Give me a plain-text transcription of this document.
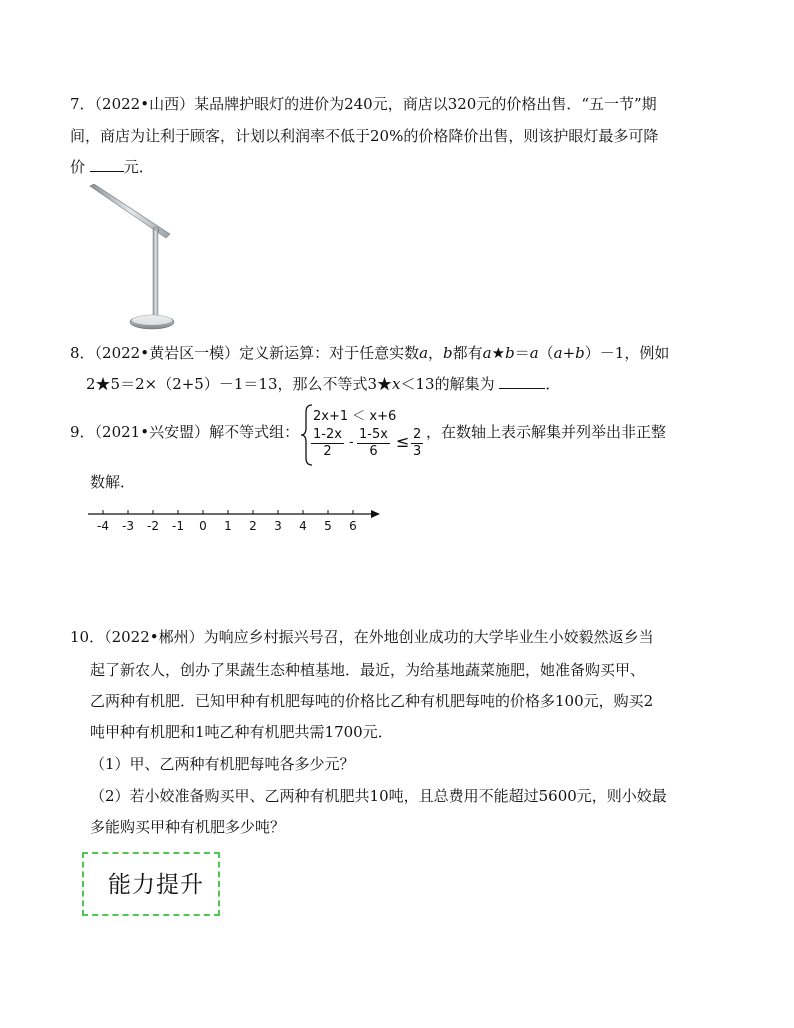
7．（2022•山西）某品牌护眼灯的进价为240元，商店以320元的价格出售．“五一节”期
间，商店为让利于顾客，计划以利润率不低于20%的价格降价出售，则该护眼灯最多可降
价 元．
8．（2022•黄岩区一模）定义新运算：对于任意实数a，b都有a★b＝a（a+b）－1，例如
2★5＝2×（2+5）－1＝13，那么不等式3★x＜13的解集为	．
9．（2021•兴安盟）解不等式组：
2x+1 ＜ x+6
$\frac{1-2x}{2} - \frac{1-5x}{6} \le \frac{2}{3}$ ，在数轴上表示解集并列举出非正整
数解．
-4 -3 -2 -1 0 1 2 3 4 5 6
10．（2022•郴州）为响应乡村振兴号召，在外地创业成功的大学毕业生小姣毅然返乡当
起了新农人，创办了果蔬生态种植基地．最近，为给基地蔬菜施肥，她准备购买甲、
乙两种有机肥．已知甲种有机肥每吨的价格比乙种有机肥每吨的价格多100元，购买2
吨甲种有机肥和1吨乙种有机肥共需1700元．
（1）甲、乙两种有机肥每吨各多少元？
（2）若小姣准备购买甲、乙两种有机肥共10吨，且总费用不能超过5600元，则小姣最
多能购买甲种有机肥多少吨？
能力提升
